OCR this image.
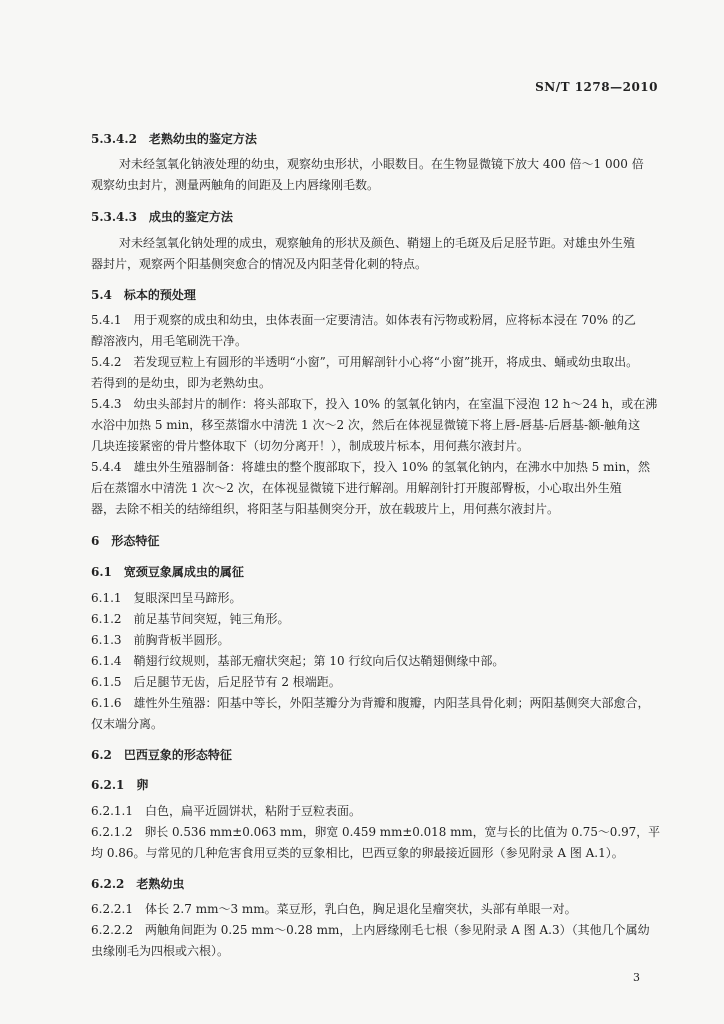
SN/T 1278—2010
5.3.4.2　老熟幼虫的鉴定方法
对未经氢氧化钠液处理的幼虫，观察幼虫形状，小眼数目。在生物显微镜下放大 400 倍～1 000 倍
观察幼虫封片，测量两触角的间距及上内唇缘刚毛数。
5.3.4.3　成虫的鉴定方法
对未经氢氧化钠处理的成虫，观察触角的形状及颜色、鞘翅上的毛斑及后足胫节距。对雄虫外生殖
器封片，观察两个阳基侧突愈合的情况及内阳茎骨化刺的特点。
5.4　标本的预处理
5.4.1　用于观察的成虫和幼虫，虫体表面一定要清洁。如体表有污物或粉屑，应将标本浸在 70% 的乙
醇溶液内，用毛笔刷洗干净。
5.4.2　若发现豆粒上有圆形的半透明“小窗”，可用解剖针小心将“小窗”挑开，将成虫、蛹或幼虫取出。
若得到的是幼虫，即为老熟幼虫。
5.4.3　幼虫头部封片的制作：将头部取下，投入 10% 的氢氧化钠内，在室温下浸泡 12 h～24 h，或在沸
水浴中加热 5 min，移至蒸馏水中清洗 1 次～2 次，然后在体视显微镜下将上唇-唇基-后唇基-额-触角这
几块连接紧密的骨片整体取下（切勿分离开！），制成玻片标本，用何燕尔液封片。
5.4.4　雄虫外生殖器制备：将雄虫的整个腹部取下，投入 10% 的氢氧化钠内，在沸水中加热 5 min，然
后在蒸馏水中清洗 1 次～2 次，在体视显微镜下进行解剖。用解剖针打开腹部臀板，小心取出外生殖
器，去除不相关的结缔组织，将阳茎与阳基侧突分开，放在载玻片上，用何燕尔液封片。
6　形态特征
6.1　宽颈豆象属成虫的属征
6.1.1　复眼深凹呈马蹄形。
6.1.2　前足基节间突短，钝三角形。
6.1.3　前胸背板半圆形。
6.1.4　鞘翅行纹规则，基部无瘤状突起；第 10 行纹向后仅达鞘翅侧缘中部。
6.1.5　后足腿节无齿，后足胫节有 2 根端距。
6.1.6　雄性外生殖器：阳基中等长，外阳茎瓣分为背瓣和腹瓣，内阳茎具骨化刺；两阳基侧突大部愈合，
仅末端分离。
6.2　巴西豆象的形态特征
6.2.1　卵
6.2.1.1　白色，扁平近圆饼状，粘附于豆粒表面。
6.2.1.2　卵长 0.536 mm±0.063 mm，卵宽 0.459 mm±0.018 mm，宽与长的比值为 0.75～0.97，平
均 0.86。与常见的几种危害食用豆类的豆象相比，巴西豆象的卵最接近圆形（参见附录 A 图 A.1）。
6.2.2　老熟幼虫
6.2.2.1　体长 2.7 mm～3 mm。菜豆形，乳白色，胸足退化呈瘤突状，头部有单眼一对。
6.2.2.2　两触角间距为 0.25 mm～0.28 mm，上内唇缘刚毛七根（参见附录 A 图 A.3）（其他几个属幼
虫缘刚毛为四根或六根）。
3
